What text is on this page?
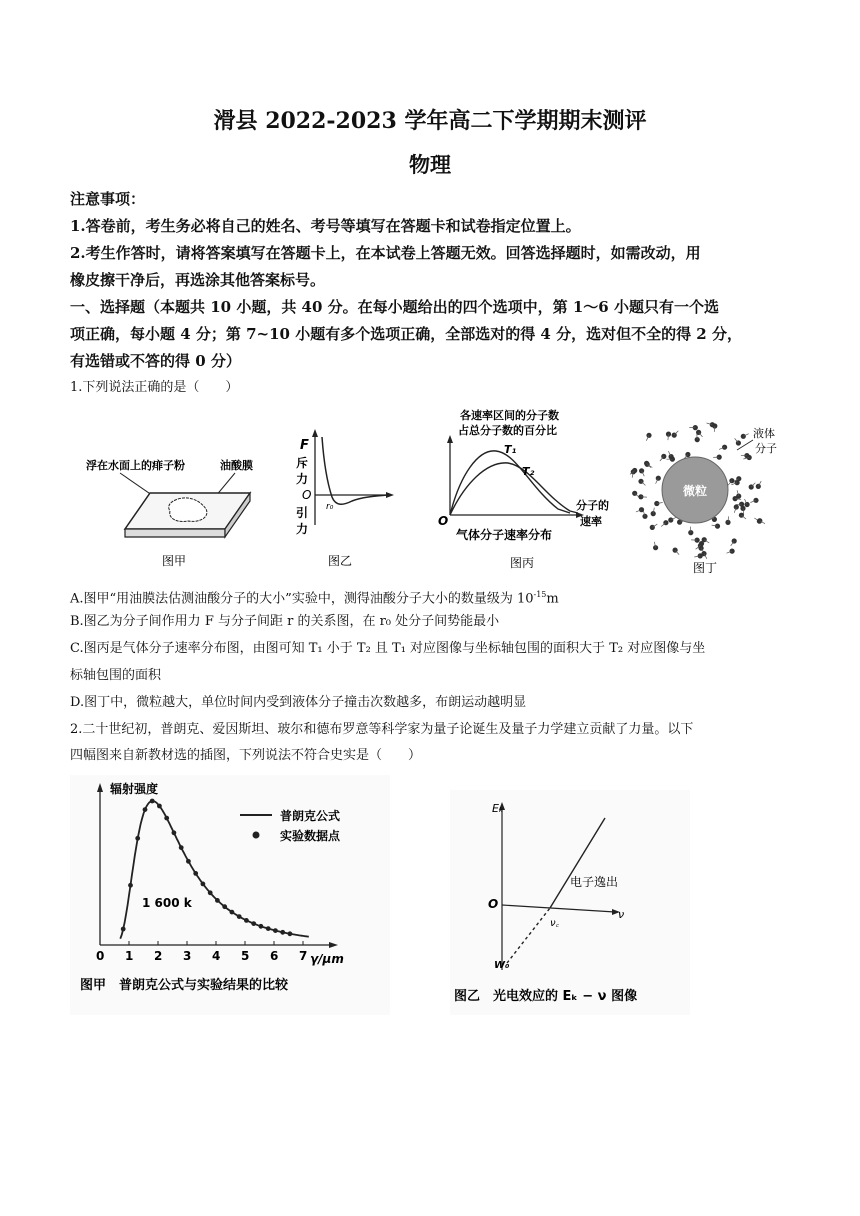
滑县 2022-2023 学年高二下学期期末测评
物理
注意事项：
1.答卷前，考生务必将自己的姓名、考号等填写在答题卡和试卷指定位置上。
2.考生作答时，请将答案填写在答题卡上，在本试卷上答题无效。回答选择题时，如需改动，用
橡皮擦干净后，再选涂其他答案标号。
一、选择题（本题共 10 小题，共 40 分。在每小题给出的四个选项中，第 1～6 小题只有一个选
项正确，每小题 4 分；第 7~10 小题有多个选项正确，全部选对的得 4 分，选对但不全的得 2 分，
有选错或不答的得 0 分）
1.下列说法正确的是（　　）
浮在水面上的痱子粉	油酸膜
图甲
F
斥
力
O
r₀
引
力
图乙
各速率区间的分子数
占总分子数的百分比
T₁
T₂
分子的
速率
O
气体分子速率分布
图丙
微粒
液体
分子
图丁
A.图甲“用油膜法估测油酸分子的大小”实验中，测得油酸分子大小的数量级为 $10^{-15}m$
B.图乙为分子间作用力 F 与分子间距 r 的关系图，在 r₀ 处分子间势能最小
C.图丙是气体分子速率分布图，由图可知 T₁ 小于 T₂ 且 T₁ 对应图像与坐标轴包围的面积大于 T₂ 对应图像与坐
标轴包围的面积
D.图丁中，微粒越大，单位时间内受到液体分子撞击次数越多，布朗运动越明显
2.二十世纪初，普朗克、爱因斯坦、玻尔和德布罗意等科学家为量子论诞生及量子力学建立贡献了力量。以下
四幅图来自新教材选的插图，下列说法不符合史实是（　　）
辐射强度
普朗克公式
实验数据点
1 600 k
0 1 2 3 4 5 6 7 γ/μm
图甲　普朗克公式与实验结果的比较
Eₖ
O
ν
ν꜀
W₀
电子逸出
图乙　光电效应的 Eₖ − ν 图像
